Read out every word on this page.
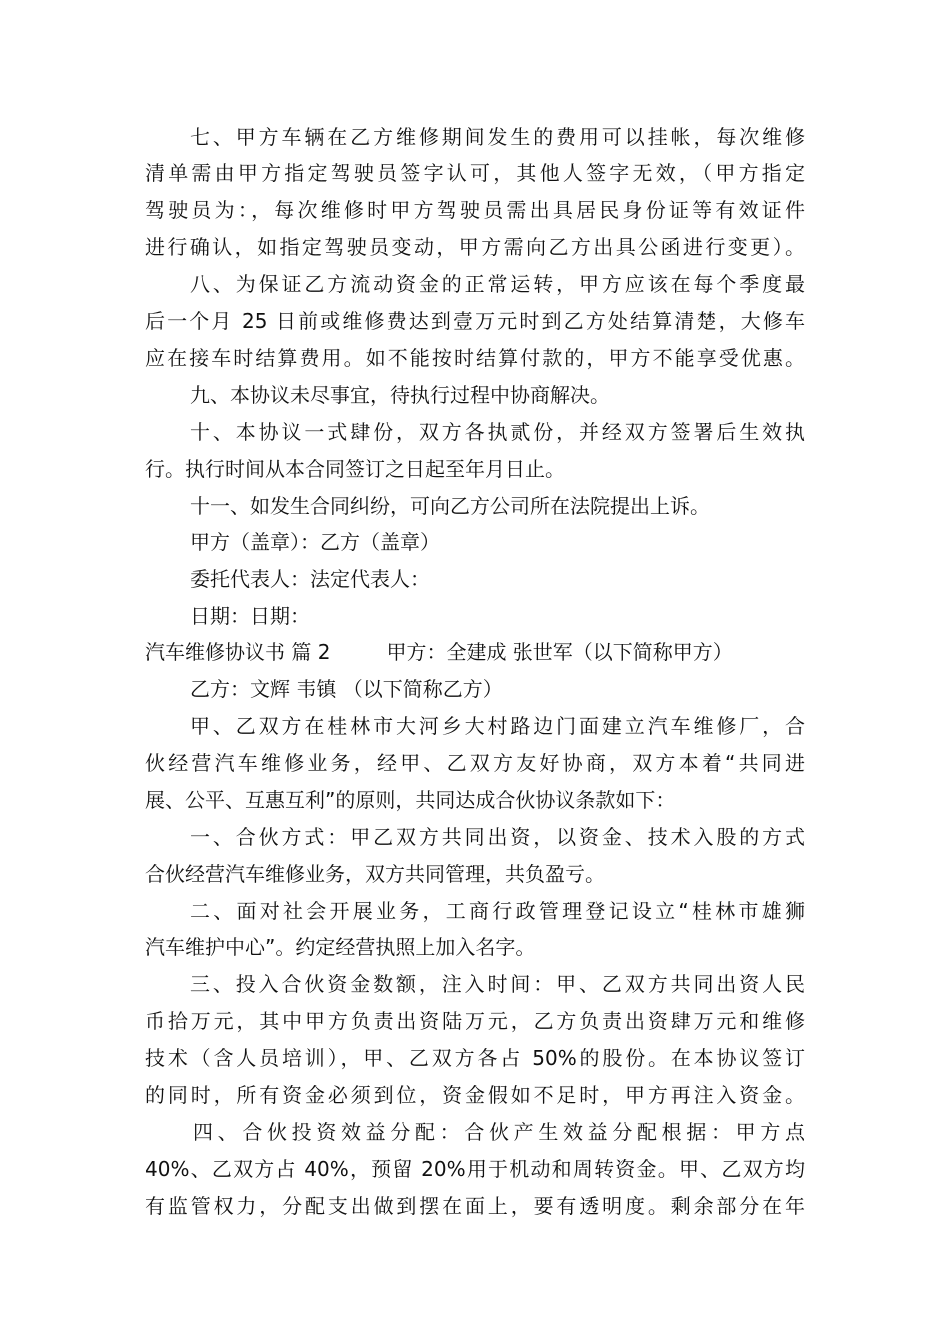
七、甲方车辆在乙方维修期间发生的费用可以挂帐，每次维修
清单需由甲方指定驾驶员签字认可，其他人签字无效，（甲方指定
驾驶员为：，每次维修时甲方驾驶员需出具居民身份证等有效证件
进行确认，如指定驾驶员变动，甲方需向乙方出具公函进行变更）。
八、为保证乙方流动资金的正常运转，甲方应该在每个季度最
后一个月 25 日前或维修费达到壹万元时到乙方处结算清楚，大修车
应在接车时结算费用。如不能按时结算付款的，甲方不能享受优惠。
九、本协议未尽事宜，待执行过程中协商解决。
十、本协议一式肆份，双方各执贰份，并经双方签署后生效执
行。执行时间从本合同签订之日起至年月日止。
十一、如发生合同纠纷，可向乙方公司所在法院提出上诉。
甲方（盖章）：乙方（盖章）
委托代表人：法定代表人：
日期：日期：
汽车维修协议书 篇 2	甲方：全建成 张世军（以下简称甲方）
乙方：文辉 韦镇 （以下简称乙方）
甲、乙双方在桂林市大河乡大村路边门面建立汽车维修厂，合
伙经营汽车维修业务，经甲、乙双方友好协商，双方本着“共同进
展、公平、互惠互利”的原则，共同达成合伙协议条款如下：
一、合伙方式：甲乙双方共同出资，以资金、技术入股的方式
合伙经营汽车维修业务，双方共同管理，共负盈亏。
二、面对社会开展业务，工商行政管理登记设立“桂林市雄狮
汽车维护中心”。约定经营执照上加入名字。
三、投入合伙资金数额，注入时间：甲、乙双方共同出资人民
币拾万元，其中甲方负责出资陆万元，乙方负责出资肆万元和维修
技术（含人员培训），甲、乙双方各占 50%的股份。在本协议签订
的同时，所有资金必须到位，资金假如不足时，甲方再注入资金。
四、合伙投资效益分配：合伙产生效益分配根据：甲方点
40%、乙双方占 40%，预留 20%用于机动和周转资金。甲、乙双方均
有监管权力，分配支出做到摆在面上，要有透明度。剩余部分在年
